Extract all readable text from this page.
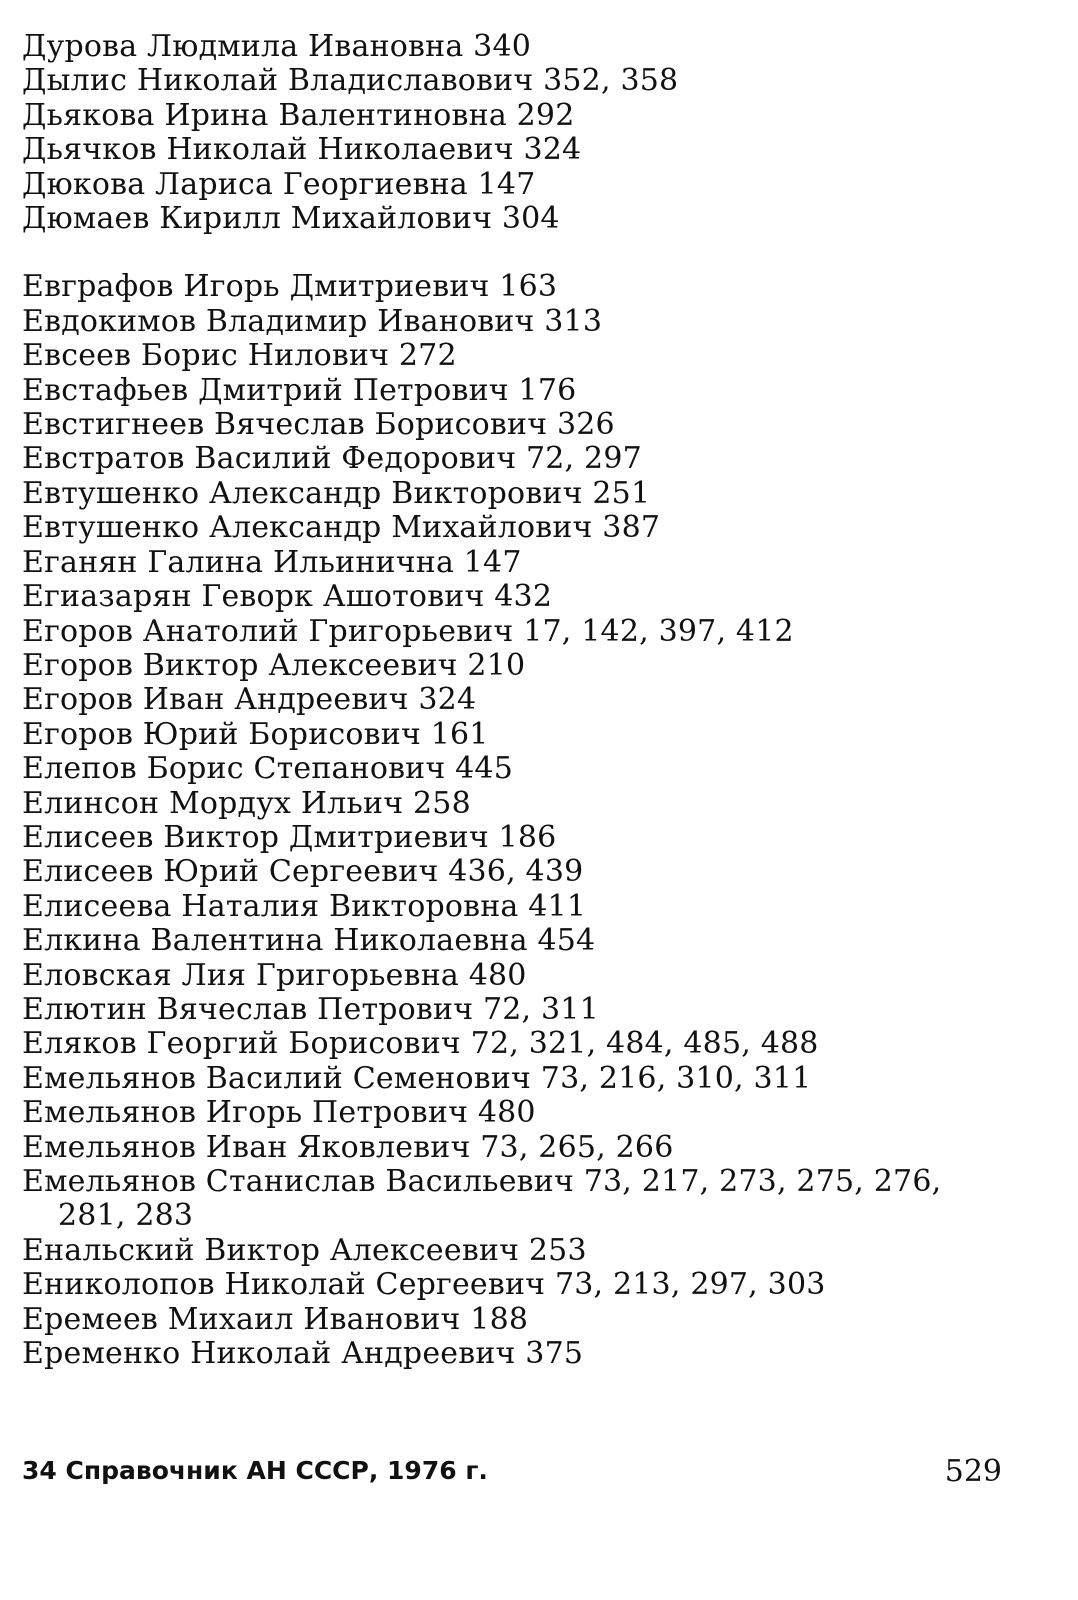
Дурова Людмила Ивановна 340
Дылис Николай Владиславович 352, 358
Дьякова Ирина Валентиновна 292
Дьячков Николай Николаевич 324
Дюкова Лариса Георгиевна 147
Дюмаев Кирилл Михайлович 304
Евграфов Игорь Дмитриевич 163
Евдокимов Владимир Иванович 313
Евсеев Борис Нилович 272
Евстафьев Дмитрий Петрович 176
Евстигнеев Вячеслав Борисович 326
Евстратов Василий Федорович 72, 297
Евтушенко Александр Викторович 251
Евтушенко Александр Михайлович 387
Еганян Галина Ильинична 147
Егиазарян Геворк Ашотович 432
Егоров Анатолий Григорьевич 17, 142, 397, 412
Егоров Виктор Алексеевич 210
Егоров Иван Андреевич 324
Егоров Юрий Борисович 161
Елепов Борис Степанович 445
Елинсон Мордух Ильич 258
Елисеев Виктор Дмитриевич 186
Елисеев Юрий Сергеевич 436, 439
Елисеева Наталия Викторовна 411
Елкина Валентина Николаевна 454
Еловская Лия Григорьевна 480
Елютин Вячеслав Петрович 72, 311
Еляков Георгий Борисович 72, 321, 484, 485, 488
Емельянов Василий Семенович 73, 216, 310, 311
Емельянов Игорь Петрович 480
Емельянов Иван Яковлевич 73, 265, 266
Емельянов Станислав Васильевич 73, 217, 273, 275, 276,
281, 283
Енальский Виктор Алексеевич 253
Ениколопов Николай Сергеевич 73, 213, 297, 303
Еремеев Михаил Иванович 188
Еременко Николай Андреевич 375
34 Справочник АН СССР, 1976 г.	529
